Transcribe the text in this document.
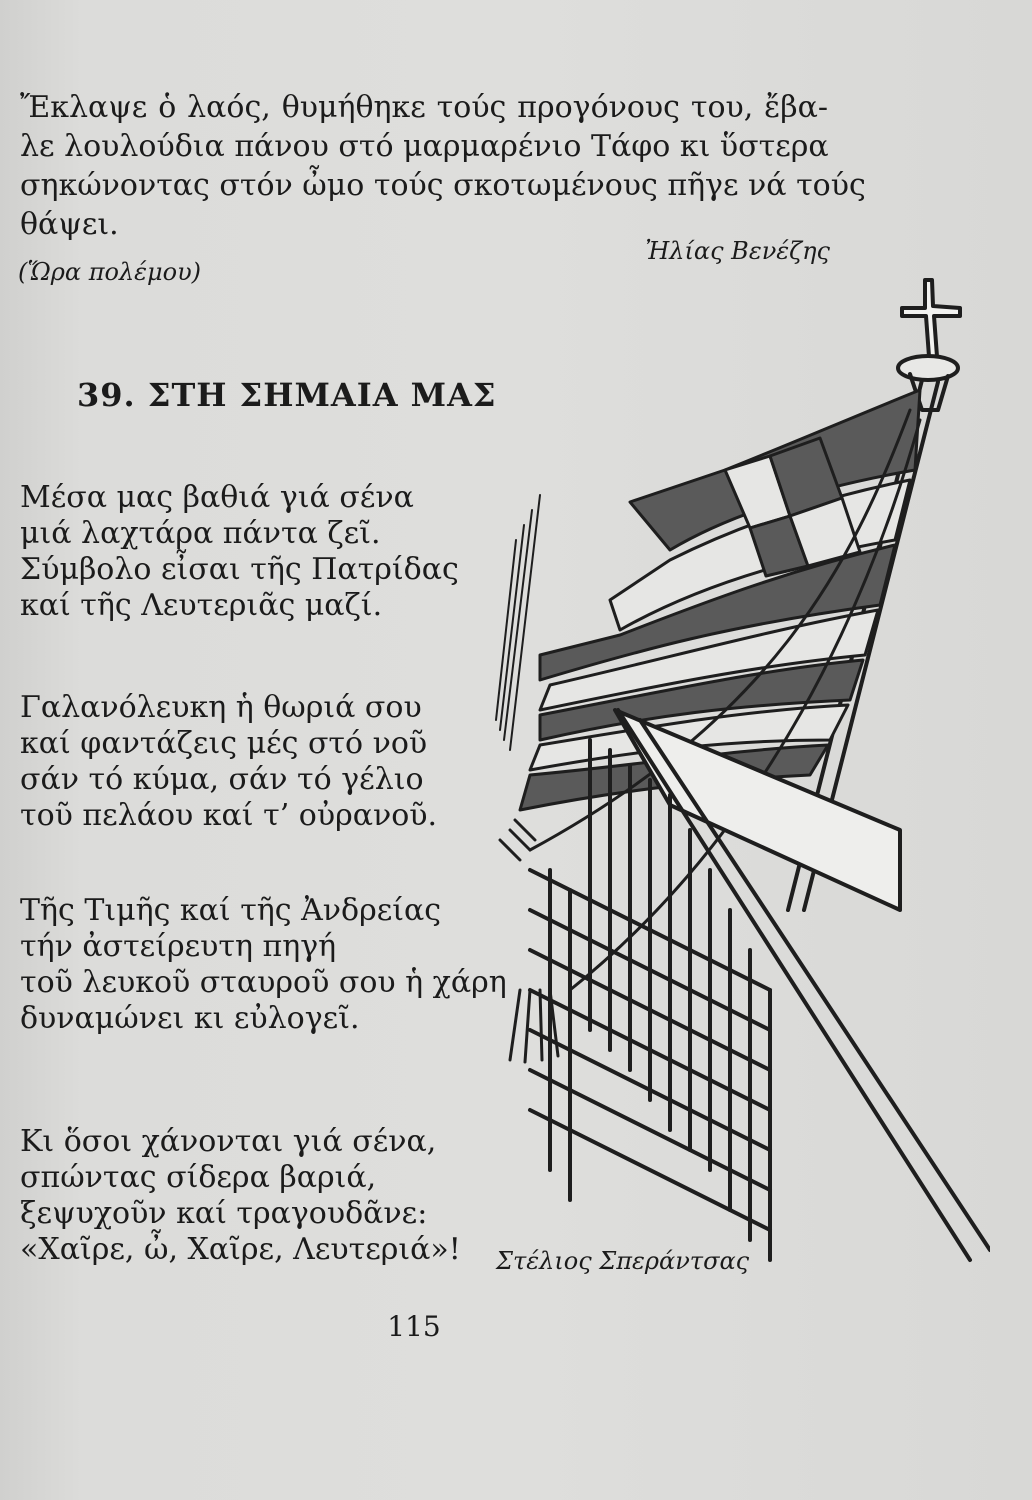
Ἔκλαψε ὁ λαός, θυμήθηκε τούς προγόνους του, ἔβα-
λε λουλούδια πάνου στό μαρμαρένιο Τάφο κι ὕστερα
σηκώνοντας στόν ὦμο τούς σκοτωμένους πῆγε νά τούς
θάψει.
Ἠλίας Βενέζης
(Ὥρα πολέμου)
39. ΣΤΗ ΣΗΜΑΙΑ ΜΑΣ
Μέσα μας βαθιά γιά σένα
μιά λαχτάρα πάντα ζεῖ.
Σύμβολο εἶσαι τῆς Πατρίδας
καί τῆς Λευτεριᾶς μαζί.
Γαλανόλευκη ἡ θωριά σου
καί φαντάζεις μές στό νοῦ
σάν τό κύμα, σάν τό γέλιο
τοῦ πελάου καί τ’ οὐρανοῦ.
Τῆς Τιμῆς καί τῆς Ἀνδρείας
τήν ἀστείρευτη πηγή
τοῦ λευκοῦ σταυροῦ σου ἡ χάρη
δυναμώνει κι εὐλογεῖ.
Κι ὅσοι χάνονται γιά σένα,
σπώντας σίδερα βαριά,
ξεψυχοῦν καί τραγουδᾶνε:
«Χαῖρε, ὦ, Χαῖρε, Λευτεριά»!	Στέλιος Σπεράντσας
115
